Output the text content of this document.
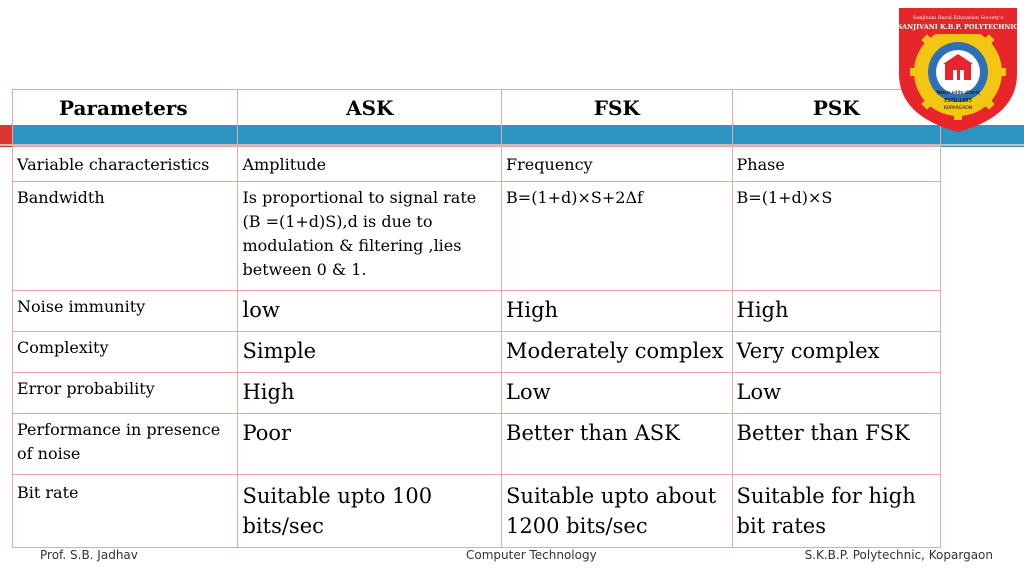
Parameters	ASK	FSK	PSK
Variable characteristics	Amplitude	Frequency	Phase
Bandwidth	Is proportional to signal rate (B =(1+d)S),d is due to modulation & filtering ,lies between 0 & 1.	B=(1+d)×S+2Δf	B=(1+d)×S
Noise immunity	low	High	High
Complexity	Simple	Moderately complex	Very complex
Error probability	High	Low	Low
Performance in presence of noise	Poor	Better than ASK	Better than FSK
Bit rate	Suitable upto 100 bits/sec	Suitable upto about 1200 bits/sec	Suitable for high bit rates
Sanjivani Rural Education Society's
SANJIVANI K.B.P. POLYTECHNIC
विद्यादान सर्वश्रेष्ठ प्रतिदानम्
ESTD.1983
KOPARGAON
Prof. S.B. Jadhav	Computer Technology	S.K.B.P. Polytechnic, Kopargaon
